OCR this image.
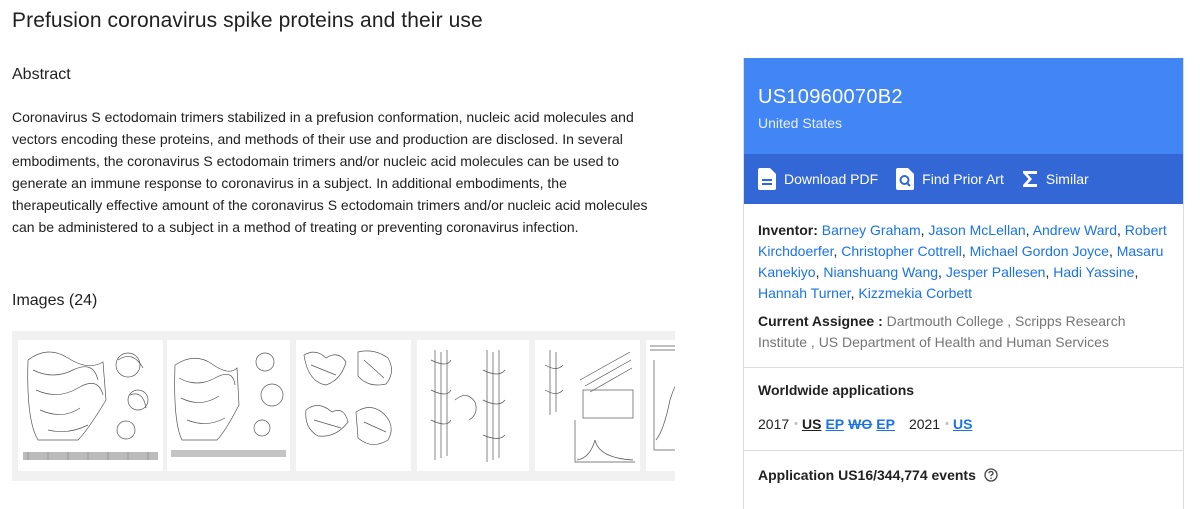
Prefusion coronavirus spike proteins and their use
Abstract

Coronavirus S ectodomain trimers stabilized in a prefusion conformation, nucleic acid molecules and vectors encoding these proteins, and methods of their use and production are disclosed. In several embodiments, the coronavirus S ectodomain trimers and/or nucleic acid molecules can be used to generate an immune response to coronavirus in a subject. In additional embodiments, the therapeutically effective amount of the coronavirus S ectodomain trimers and/or nucleic acid molecules can be administered to a subject in a method of treating or preventing coronavirus infection.

Images (24)
US10960070B2
United States
Download PDF	Find Prior Art	Similar
Inventor: Barney Graham, Jason McLellan, Andrew Ward, Robert Kirchdoerfer, Christopher Cottrell, Michael Gordon Joyce, Masaru Kanekiyo, Nianshuang Wang, Jesper Pallesen, Hadi Yassine, Hannah Turner, Kizzmekia Corbett
Current Assignee : Dartmouth College , Scripps Research Institute , US Department of Health and Human Services
Worldwide applications
2017 • US EP WO EP 2021 • US
Application US16/344,774 events
